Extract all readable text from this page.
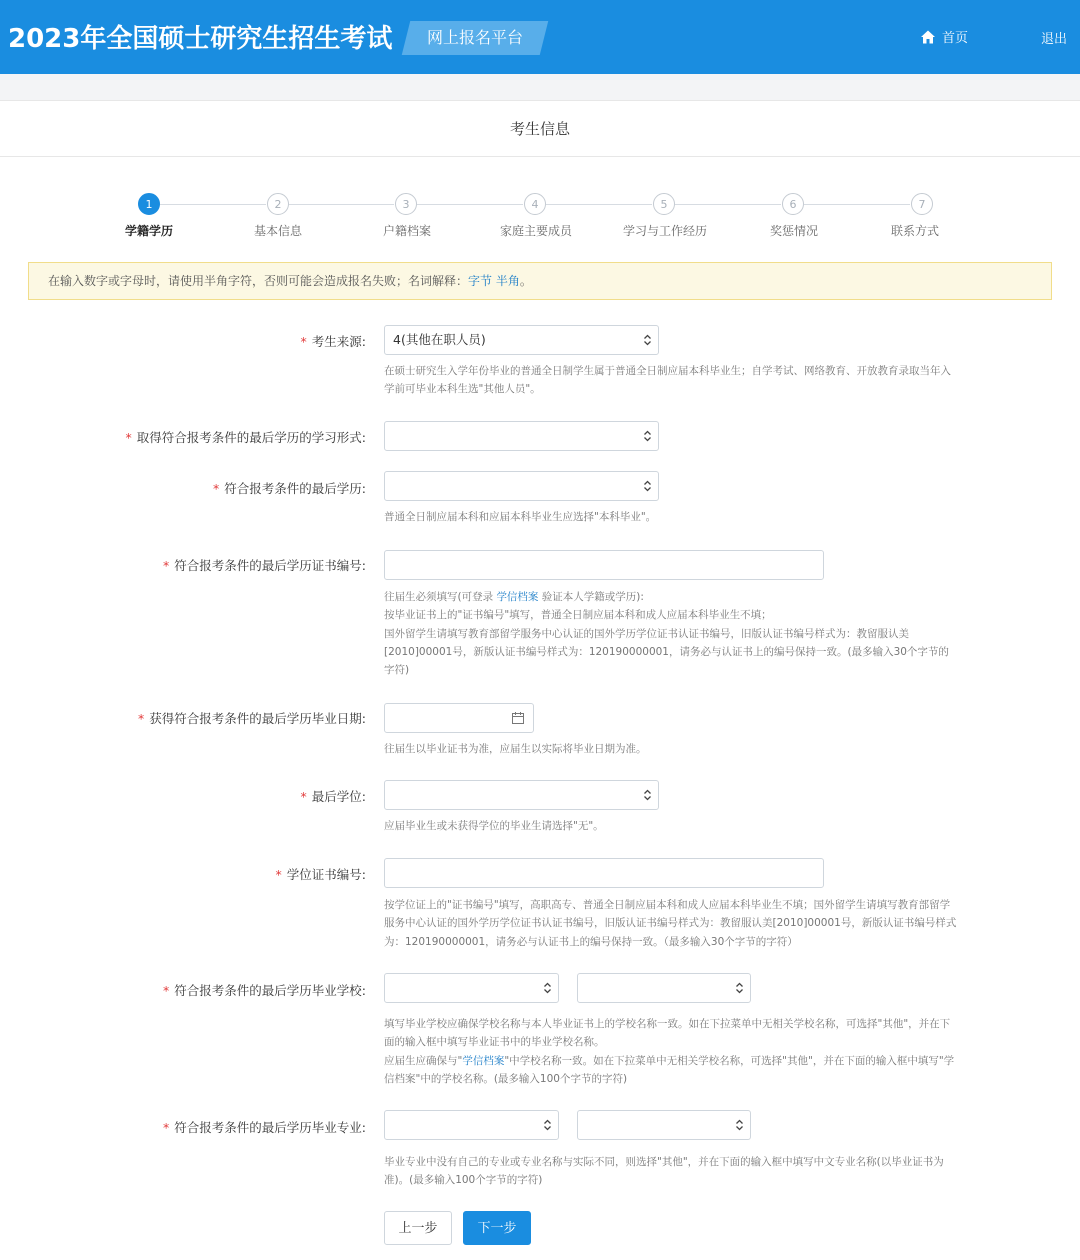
2023年全国硕士研究生招生考试	网上报名平台	首页	退出
考生信息
1	2	3	4	5	6	7
学籍学历	基本信息	户籍档案	家庭主要成员	学习与工作经历	奖惩情况	联系方式
在输入数字或字母时，请使用半角字符，否则可能会造成报名失败；名词解释：字节 半角。
* 考生来源: 4(其他在职人员)
在硕士研究生入学年份毕业的普通全日制学生属于普通全日制应届本科毕业生；自学考试、网络教育、开放教育录取当年入学前可毕业本科生选"其他人员"。
* 取得符合报考条件的最后学历的学习形式:
* 符合报考条件的最后学历:
普通全日制应届本科和应届本科毕业生应选择"本科毕业"。
* 符合报考条件的最后学历证书编号:
往届生必须填写(可登录 学信档案 验证本人学籍或学历):
按毕业证书上的"证书编号"填写，普通全日制应届本科和成人应届本科毕业生不填；
国外留学生请填写教育部留学服务中心认证的国外学历学位证书认证书编号，旧版认证书编号样式为：教留服认美[2010]00001号，新版认证书编号样式为：120190000001，请务必与认证书上的编号保持一致。(最多输入30个字节的字符)
* 获得符合报考条件的最后学历毕业日期:
往届生以毕业证书为准，应届生以实际将毕业日期为准。
* 最后学位:
应届毕业生或未获得学位的毕业生请选择"无"。
* 学位证书编号:
按学位证上的"证书编号"填写，高职高专、普通全日制应届本科和成人应届本科毕业生不填；国外留学生请填写教育部留学服务中心认证的国外学历学位证书认证书编号，旧版认证书编号样式为：教留服认美[2010]00001号，新版认证书编号样式为：120190000001，请务必与认证书上的编号保持一致。（最多输入30个字节的字符）
* 符合报考条件的最后学历毕业学校:
填写毕业学校应确保学校名称与本人毕业证书上的学校名称一致。如在下拉菜单中无相关学校名称，可选择"其他"，并在下面的输入框中填写毕业证书中的毕业学校名称。
应届生应确保与"学信档案"中学校名称一致。如在下拉菜单中无相关学校名称，可选择"其他"，并在下面的输入框中填写"学信档案"中的学校名称。(最多输入100个字节的字符)
* 符合报考条件的最后学历毕业专业:
毕业专业中没有自己的专业或专业名称与实际不同，则选择"其他"，并在下面的输入框中填写中文专业名称(以毕业证书为准)。(最多输入100个字节的字符)
上一步	下一步
